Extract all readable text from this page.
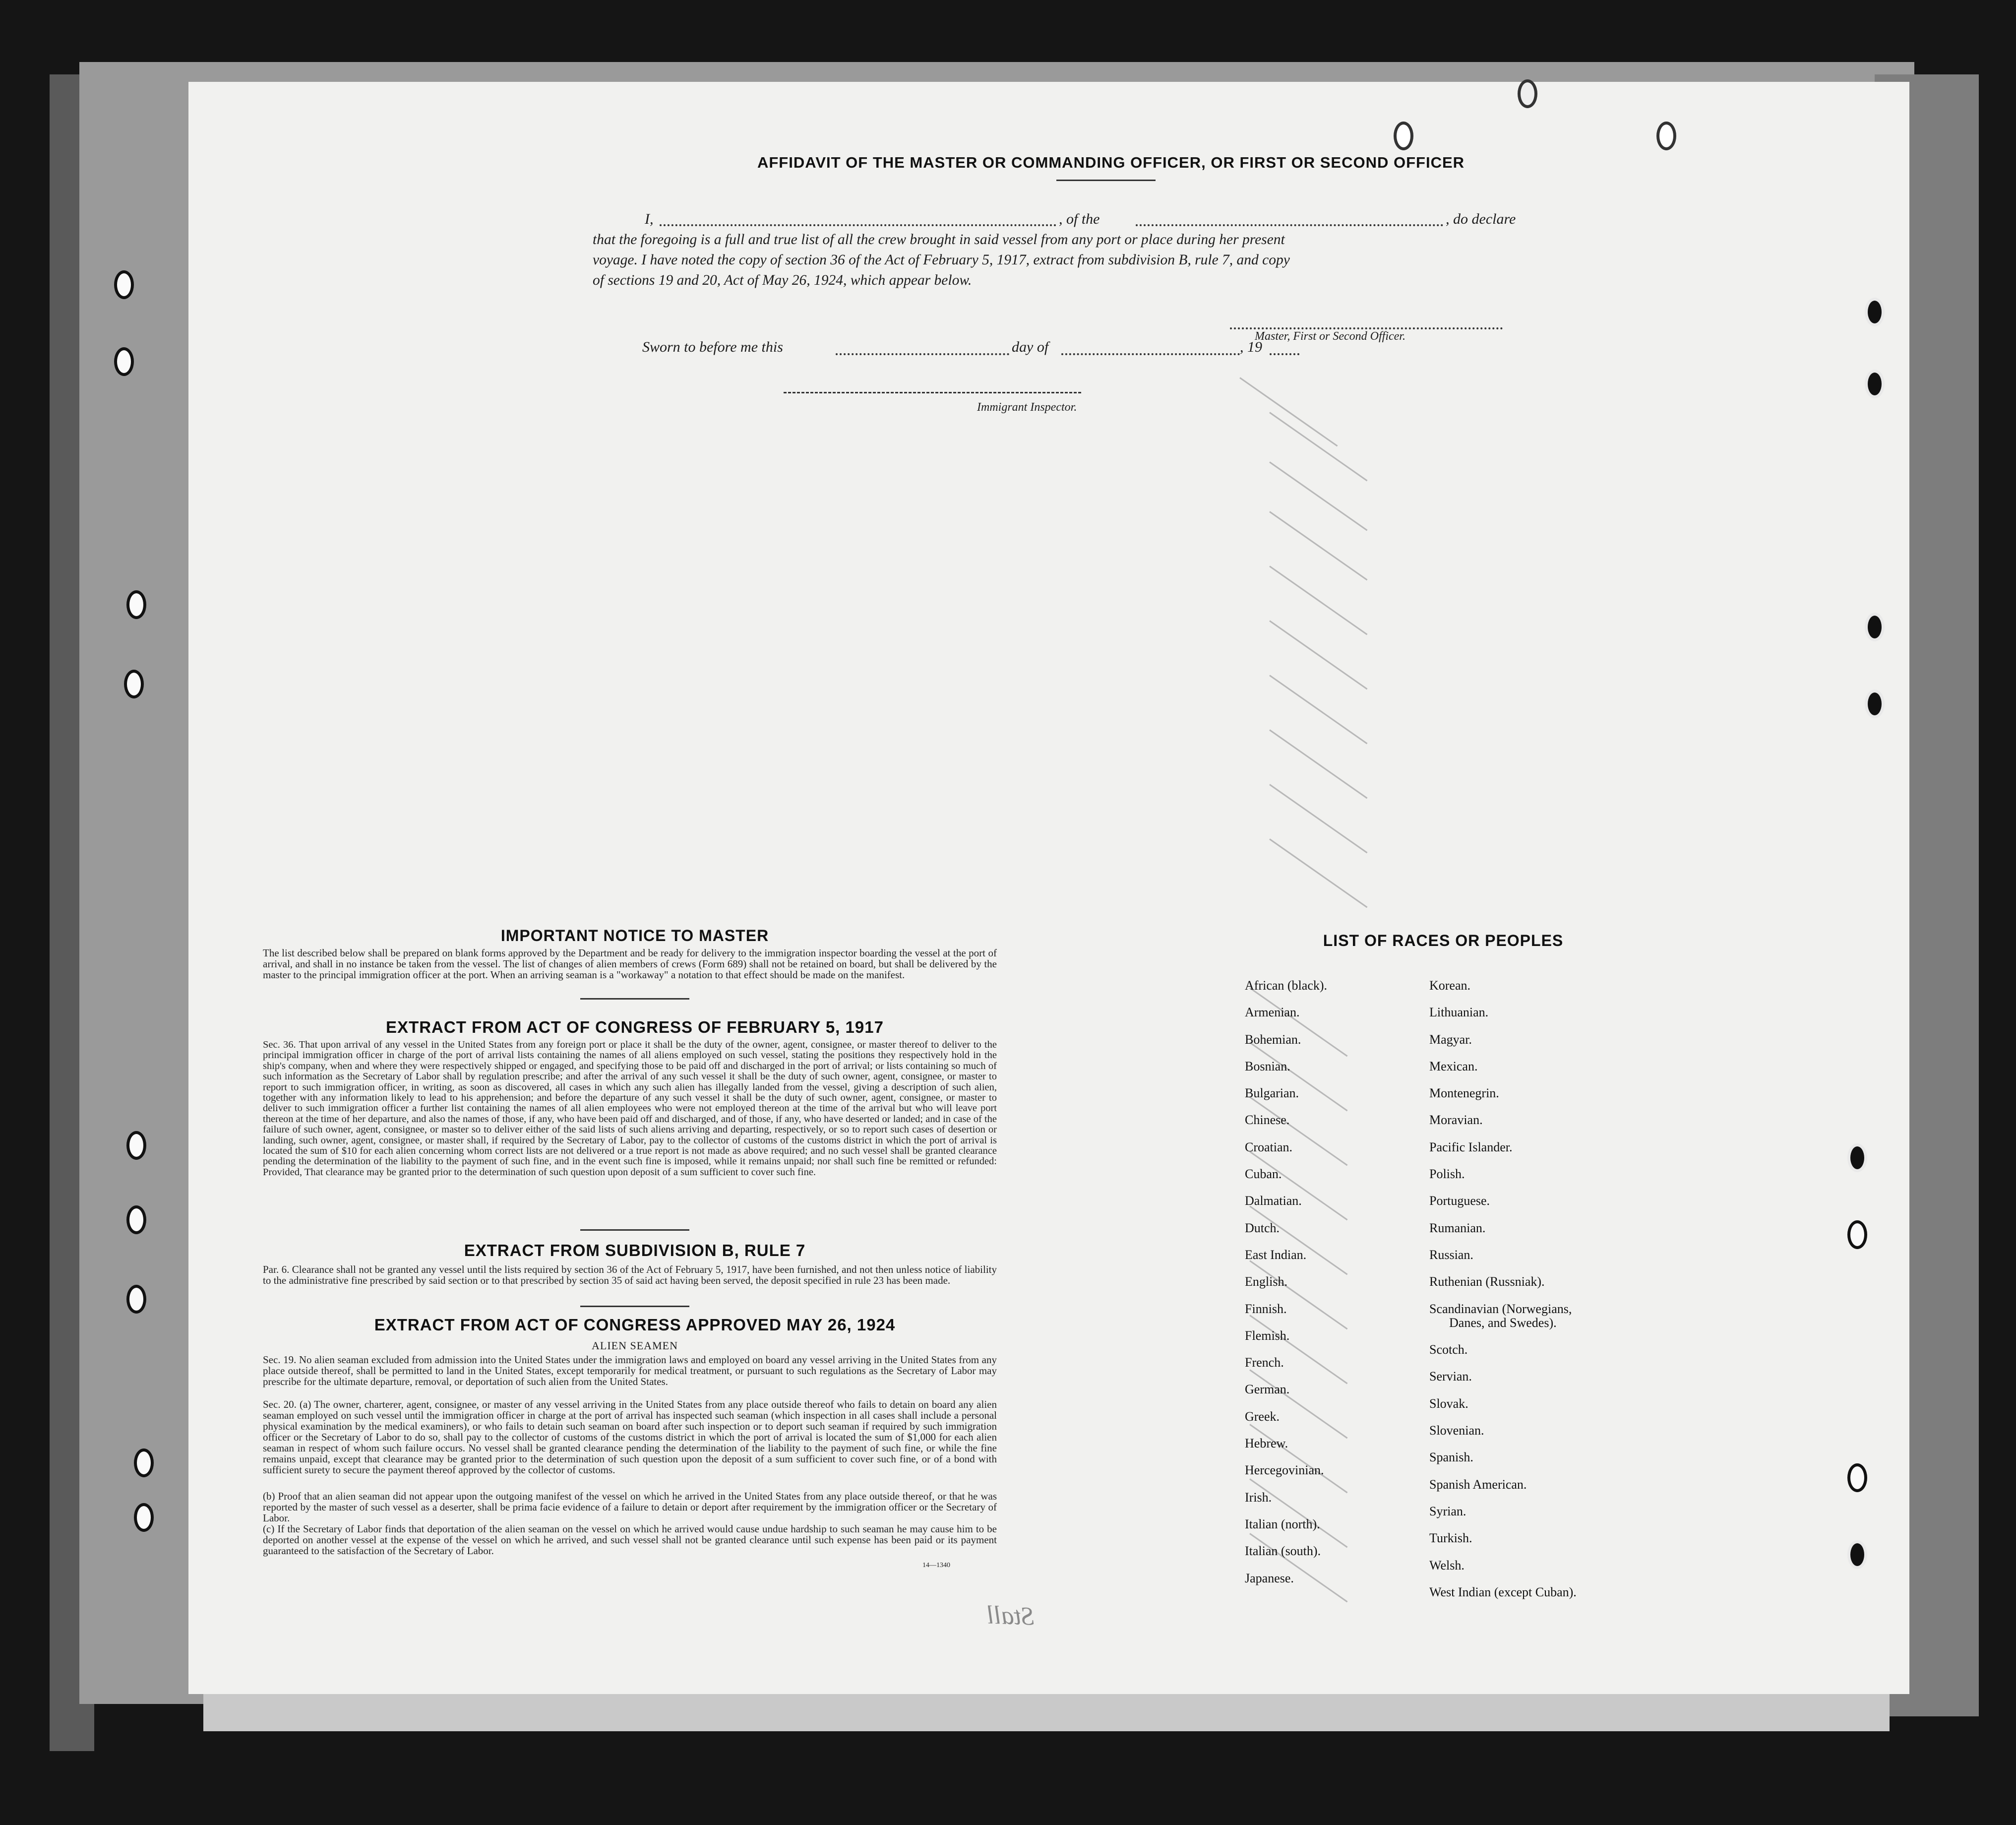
AFFIDAVIT OF THE MASTER OR COMMANDING OFFICER, OR FIRST OR SECOND OFFICER
I,	, of the	, do declare
that the foregoing is a full and true list of all the crew brought in said vessel from any port or place during her present
voyage. I have noted the copy of section 36 of the Act of February 5, 1917, extract from subdivision B, rule 7, and copy
of sections 19 and 20, Act of May 26, 1924, which appear below.
Master, First or Second Officer.
Sworn to before me this	day of	, 19
Immigrant Inspector.
IMPORTANT NOTICE TO MASTER
The list described below shall be prepared on blank forms approved by the Department and be ready for delivery to the immigration inspector boarding the vessel at the port of arrival, and shall in no instance be taken from the vessel. The list of changes of alien members of crews (Form 689) shall not be retained on board, but shall be delivered by the master to the principal immigration officer at the port. When an arriving seaman is a "workaway" a notation to that effect should be made on the manifest.
EXTRACT FROM ACT OF CONGRESS OF FEBRUARY 5, 1917
Sec. 36. That upon arrival of any vessel in the United States from any foreign port or place it shall be the duty of the owner, agent, consignee, or master thereof to deliver to the principal immigration officer in charge of the port of arrival lists containing the names of all aliens employed on such vessel, stating the positions they respectively hold in the ship's company, when and where they were respectively shipped or engaged, and specifying those to be paid off and discharged in the port of arrival; or lists containing so much of such information as the Secretary of Labor shall by regulation prescribe; and after the arrival of any such vessel it shall be the duty of such owner, agent, consignee, or master to report to such immigration officer, in writing, as soon as discovered, all cases in which any such alien has illegally landed from the vessel, giving a description of such alien, together with any information likely to lead to his apprehension; and before the departure of any such vessel it shall be the duty of such owner, agent, consignee, or master to deliver to such immigration officer a further list containing the names of all alien employees who were not employed thereon at the time of the arrival but who will leave port thereon at the time of her departure, and also the names of those, if any, who have been paid off and discharged, and of those, if any, who have deserted or landed; and in case of the failure of such owner, agent, consignee, or master so to deliver either of the said lists of such aliens arriving and departing, respectively, or so to report such cases of desertion or landing, such owner, agent, consignee, or master shall, if required by the Secretary of Labor, pay to the collector of customs of the customs district in which the port of arrival is located the sum of $10 for each alien concerning whom correct lists are not delivered or a true report is not made as above required; and no such vessel shall be granted clearance pending the determination of the liability to the payment of such fine, and in the event such fine is imposed, while it remains unpaid; nor shall such fine be remitted or refunded: Provided, That clearance may be granted prior to the determination of such question upon deposit of a sum sufficient to cover such fine.
EXTRACT FROM SUBDIVISION B, RULE 7
Par. 6. Clearance shall not be granted any vessel until the lists required by section 36 of the Act of February 5, 1917, have been furnished, and not then unless notice of liability to the administrative fine prescribed by said section or to that prescribed by section 35 of said act having been served, the deposit specified in rule 23 has been made.
EXTRACT FROM ACT OF CONGRESS APPROVED MAY 26, 1924
ALIEN SEAMEN
Sec. 19. No alien seaman excluded from admission into the United States under the immigration laws and employed on board any vessel arriving in the United States from any place outside thereof, shall be permitted to land in the United States, except temporarily for medical treatment, or pursuant to such regulations as the Secretary of Labor may prescribe for the ultimate departure, removal, or deportation of such alien from the United States.
Sec. 20. (a) The owner, charterer, agent, consignee, or master of any vessel arriving in the United States from any place outside thereof who fails to detain on board any alien seaman employed on such vessel until the immigration officer in charge at the port of arrival has inspected such seaman (which inspection in all cases shall include a personal physical examination by the medical examiners), or who fails to detain such seaman on board after such inspection or to deport such seaman if required by such immigration officer or the Secretary of Labor to do so, shall pay to the collector of customs of the customs district in which the port of arrival is located the sum of $1,000 for each alien seaman in respect of whom such failure occurs. No vessel shall be granted clearance pending the determination of the liability to the payment of such fine, or while the fine remains unpaid, except that clearance may be granted prior to the determination of such question upon the deposit of a sum sufficient to cover such fine, or of a bond with sufficient surety to secure the payment thereof approved by the collector of customs.
(b) Proof that an alien seaman did not appear upon the outgoing manifest of the vessel on which he arrived in the United States from any place outside thereof, or that he was reported by the master of such vessel as a deserter, shall be prima facie evidence of a failure to detain or deport after requirement by the immigration officer or the Secretary of Labor.
(c) If the Secretary of Labor finds that deportation of the alien seaman on the vessel on which he arrived would cause undue hardship to such seaman he may cause him to be deported on another vessel at the expense of the vessel on which he arrived, and such vessel shall not be granted clearance until such expense has been paid or its payment guaranteed to the satisfaction of the Secretary of Labor.
14—1340
LIST OF RACES OR PEOPLES
African (black).
Armenian.
Bohemian.
Bosnian.
Bulgarian.
Chinese.
Croatian.
Cuban.
Dalmatian.
Dutch.
East Indian.
English.
Finnish.
Flemish.
French.
German.
Greek.
Hebrew.
Hercegovinian.
Irish.
Italian (north).
Italian (south).
Japanese.
Korean.
Lithuanian.
Magyar.
Mexican.
Montenegrin.
Moravian.
Pacific Islander.
Polish.
Portuguese.
Rumanian.
Russian.
Ruthenian (Russniak).
Scandinavian (Norwegians,
Danes, and Swedes).
Scotch.
Servian.
Slovak.
Slovenian.
Spanish.
Spanish American.
Syrian.
Turkish.
Welsh.
West Indian (except Cuban).
Stall
